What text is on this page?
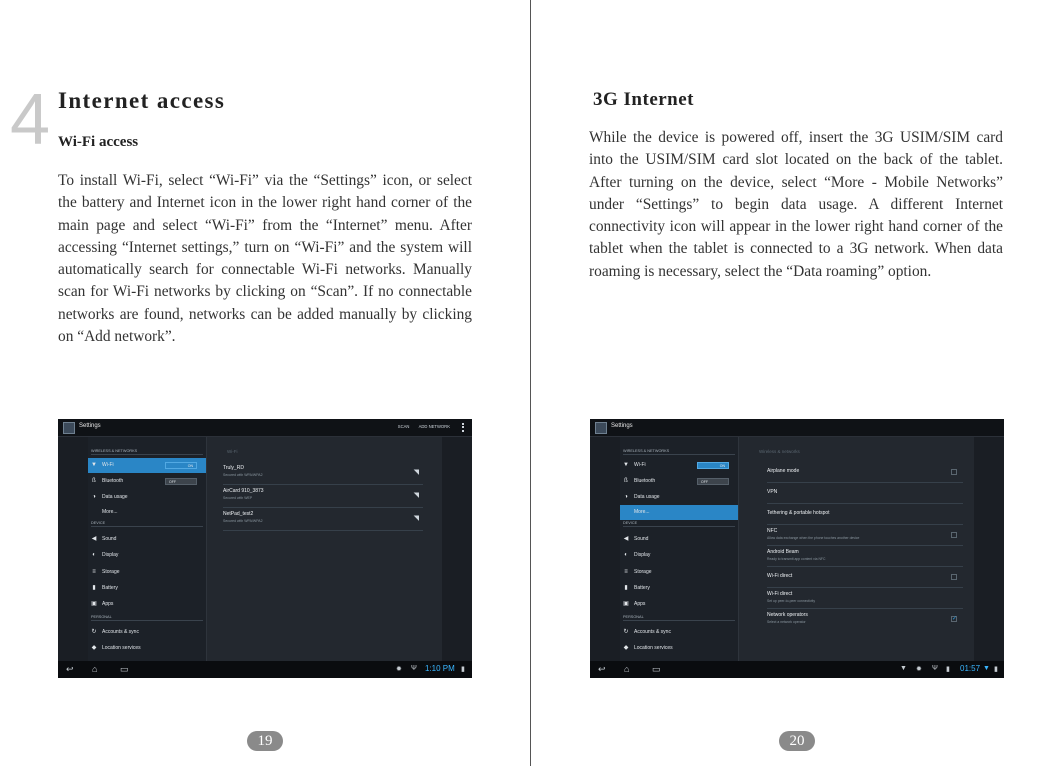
4 Internet access
Wi-Fi access
To install Wi-Fi, select “Wi-Fi” via the “Settings” icon, or select the battery and Internet icon in the lower right hand corner of the main page and select “Wi-Fi” from the “Internet” menu. After accessing “Internet settings,” turn on “Wi-Fi” and the system will automatically search for connectable Wi-Fi networks. Manually scan for Wi-Fi networks by clicking on “Scan”. If no connectable networks are found, networks can be added manually by clicking on “Add network”.
Settings	SCAN ADD NETWORK
WIRELESS & NETWORKS
▼ Wi-Fi	ON
ß Bluetooth	OFF
◑ Data usage
More...
DEVICE
◀ Sound
◐ Display
≡ Storage
▮ Battery
▣ Apps
PERSONAL
↻ Accounts & sync
◆ Location services
Wi-Fi
Truly_RD
Secured with WPA/WPA2	◥
AirCard 910_3873
Secured with WEP	◥
NetPad_test2
Secured with WPA/WPA2	◥
↩ ⌂	▭	✹ Ψ 1:10 PM ▮
19
3G Internet
While the device is powered off, insert the 3G USIM/SIM card into the USIM/SIM card slot located on the back of the tablet. After turning on the device, select “More - Mobile Networks” under “Settings” to begin data usage. A different Internet connectivity icon will appear in the lower right hand corner of the tablet when the tablet is connected to a 3G network. When data roaming is necessary, select the “Data roaming” option.
Settings
WIRELESS & NETWORKS
▼ Wi-Fi	ON
ß Bluetooth	OFF
◑ Data usage
More...
DEVICE
◀ Sound
◐ Display
≡ Storage
▮ Battery
▣ Apps
PERSONAL
↻ Accounts & sync
◆ Location services
Wireless & networks
Airplane mode
VPN
Tethering & portable hotspot
NFC
Allow data exchange when the phone touches another device
Android Beam
Ready to transmit app content via NFC
Wi-Fi direct
Wi-Fi direct
Set up peer-to-peer connectivity
Network operators
Select a network operator	✓
↩ ⌂	▭	▼ ✹ Ψ ▮ 01:57 ▼ ▮
20
